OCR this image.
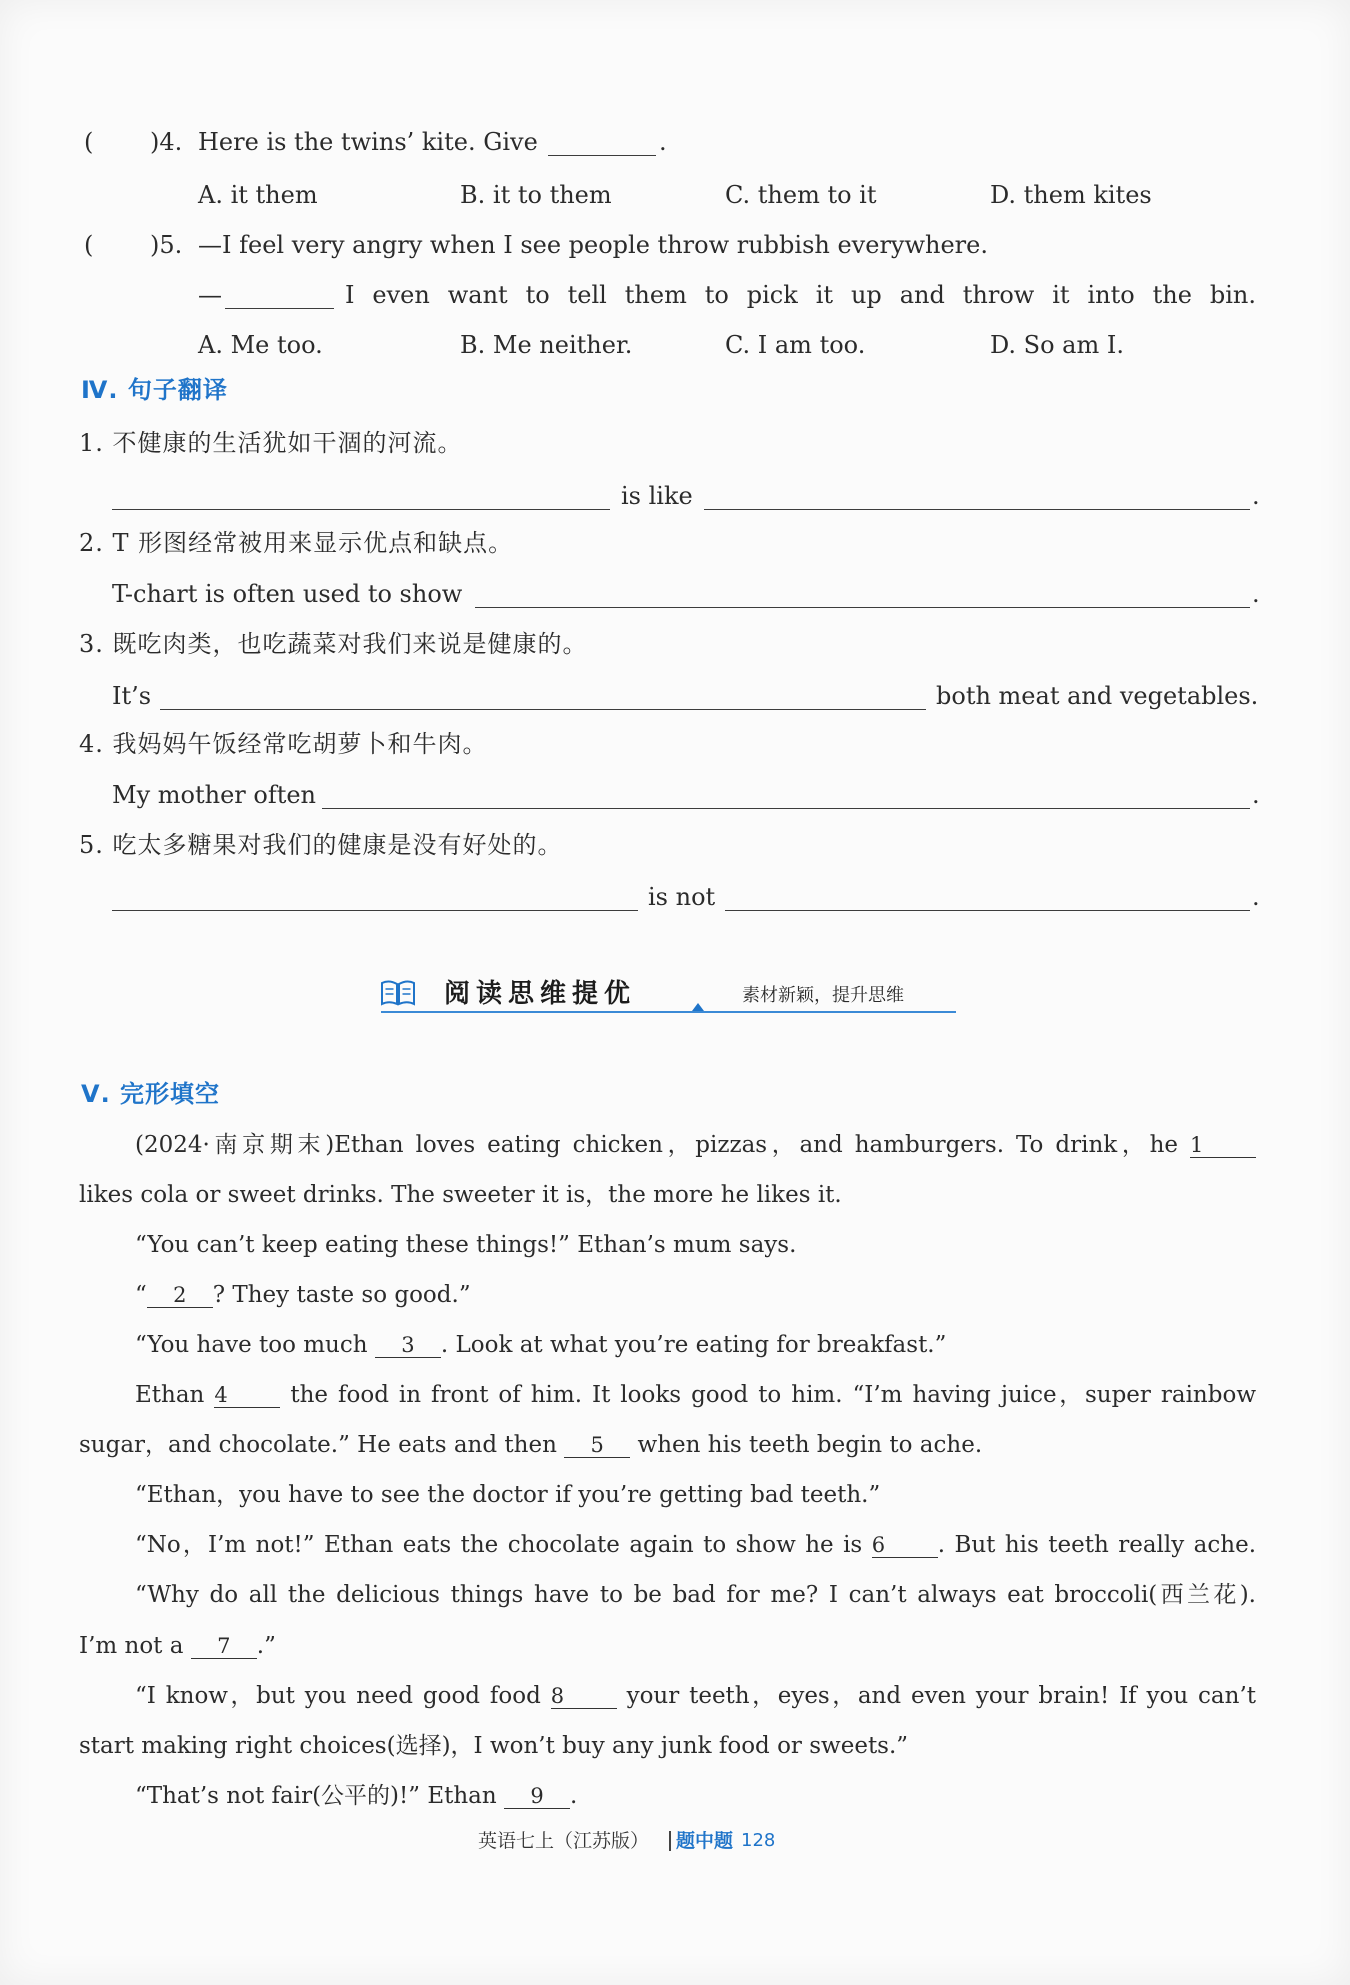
( )4. Here is the twins’ kite. Give	.
A. it them	B. it to them	C. them to it	D. them kites
( )5. —I feel very angry when I see people throw rubbish everywhere.
—	I even want to tell them to pick it up and throw it into the bin.
A. Me too.	B. Me neither.	C. I am too.	D. So am I.
Ⅳ. 句子翻译
1. 不健康的生活犹如干涸的河流。
is like	.
2. T 形图经常被用来显示优点和缺点。
T-chart is often used to show	.
3. 既吃肉类，也吃蔬菜对我们来说是健康的。
It’s	both meat and vegetables.
4. 我妈妈午饭经常吃胡萝卜和牛肉。
My mother often	.
5. 吃太多糖果对我们的健康是没有好处的。
is not	.
阅读思维提优	素材新颖，提升思维
Ⅴ. 完形填空
(2024·南京期末)Ethan loves eating chicken，pizzas，and hamburgers. To drink，he 1
likes cola or sweet drinks. The sweeter it is，the more he likes it.
“You can’t keep eating these things!” Ethan’s mum says.
“ 2 ? They taste so good.”
“You have too much 3 . Look at what you’re eating for breakfast.”
Ethan 4	the food in front of him. It looks good to him. “I’m having juice，super rainbow
sugar，and chocolate.” He eats and then 5 when his teeth begin to ache.
“Ethan，you have to see the doctor if you’re getting bad teeth.”
“No，I’m not!” Ethan eats the chocolate again to show he is 6 . But his teeth really ache.
“Why do all the delicious things have to be bad for me? I can’t always eat broccoli(西兰花).
I’m not a 7 .”
“I know，but you need good food 8	your teeth，eyes，and even your brain! If you can’t
start making right choices(选择)，I won’t buy any junk food or sweets.”
“That’s not fair(公平的)!” Ethan 9 .
英语七上（江苏版） 题中题 128
